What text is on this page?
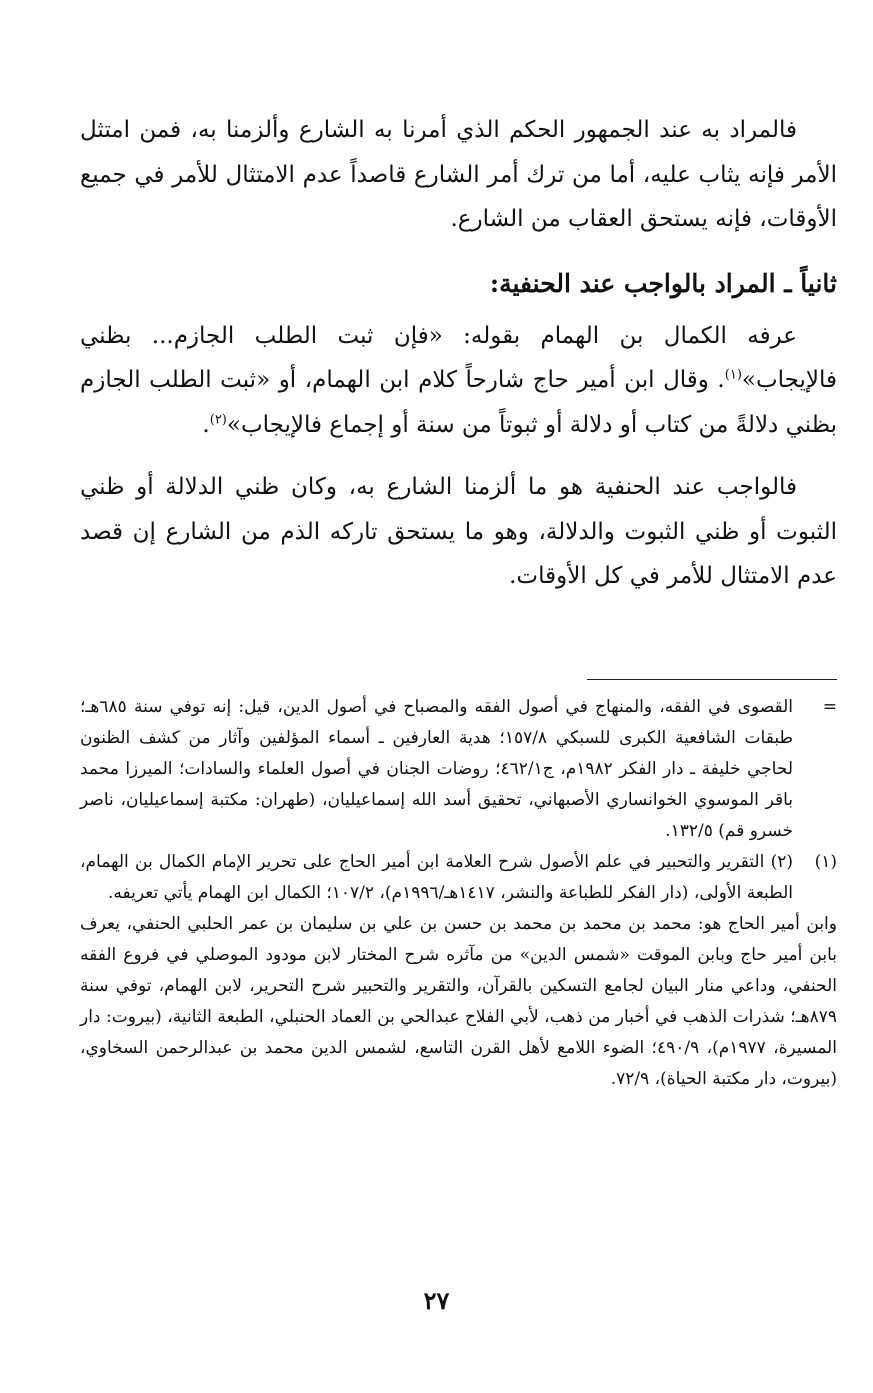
فالمراد به عند الجمهور الحكم الذي أمرنا به الشارع وألزمنا به، فمن امتثل الأمر فإنه يثاب عليه، أما من ترك أمر الشارع قاصداً عدم الامتثال للأمر في جميع الأوقات، فإنه يستحق العقاب من الشارع.

ثانياً ـ المراد بالواجب عند الحنفية:

عرفه الكمال بن الهمام بقوله: «فإن ثبت الطلب الجازم... بظني فالإيجاب»$^{(١)}$. وقال ابن أمير حاج شارحاً كلام ابن الهمام، أو «ثبت الطلب الجازم بظني دلالةً من كتاب أو دلالة أو ثبوتاً من سنة أو إجماع فالإيجاب»$^{(٢)}$.

فالواجب عند الحنفية هو ما ألزمنا الشارع به، وكان ظني الدلالة أو ظني الثبوت أو ظني الثبوت والدلالة، وهو ما يستحق تاركه الذم من الشارع إن قصد عدم الامتثال للأمر في كل الأوقات.

=

القصوى في الفقه، والمنهاج في أصول الفقه والمصباح في أصول الدين، قيل: إنه توفي سنة ٦٨٥هـ؛ طبقات الشافعية الكبرى للسبكي ١٥٧/٨؛ هدية العارفين ـ أسماء المؤلفين وآثار من كشف الظنون لحاجي خليفة ـ دار الفكر ١٩٨٢م، ج٤٦٢/١؛ روضات الجنان في أصول العلماء والسادات؛ الميرزا محمد باقر الموسوي الخوانساري الأصبهاني، تحقيق أسد الله إسماعيليان، (طهران: مكتبة إسماعيليان، ناصر خسرو قم) ١٣٢/٥.

(١)

(٢) التقرير والتحبير في علم الأصول شرح العلامة ابن أمير الحاج على تحرير الإمام الكمال بن الهمام، الطبعة الأولى، (دار الفكر للطباعة والنشر، ١٤١٧هـ/١٩٩٦م)، ١٠٧/٢؛ الكمال ابن الهمام يأتي تعريفه.

وابن أمير الحاج هو: محمد بن محمد بن محمد بن حسن بن علي بن سليمان بن عمر الحلبي الحنفي، يعرف بابن أمير حاج وبابن الموقت «شمس الدين» من مآثره شرح المختار لابن مودود الموصلي في فروع الفقه الحنفي، وداعي منار البيان لجامع التسكين بالقرآن، والتقرير والتحبير شرح التحرير، لابن الهمام، توفي سنة ٨٧٩هـ؛ شذرات الذهب في أخبار من ذهب، لأبي الفلاح عبدالحي بن العماد الحنبلي، الطبعة الثانية، (بيروت: دار المسيرة، ١٩٧٧م)، ٤٩٠/٩؛ الضوء اللامع لأهل القرن التاسع، لشمس الدين محمد بن عبدالرحمن السخاوي، (بيروت، دار مكتبة الحياة)، ٧٢/٩.

٢٧
